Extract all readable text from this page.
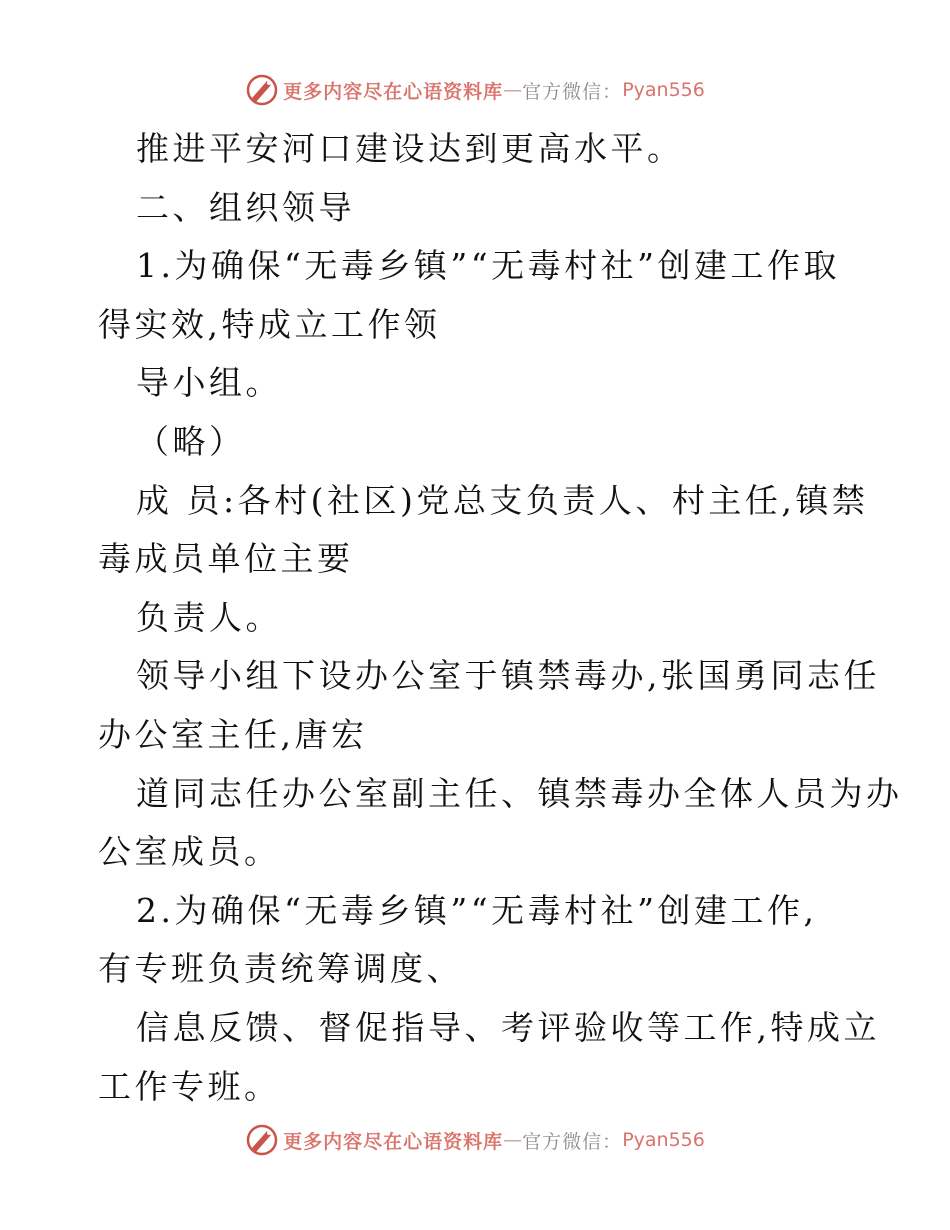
更多内容尽在心语资料库 — 官方微信： Pyan556
推进平安河口建设达到更高水平。
二、组织领导
1.为确保“无毒乡镇”“无毒村社”创建工作取
得实效,特成立工作领
导小组。
（略）
成 员:各村(社区)党总支负责人、村主任,镇禁
毒成员单位主要
负责人。
领导小组下设办公室于镇禁毒办,张国勇同志任
办公室主任,唐宏
道同志任办公室副主任、镇禁毒办全体人员为办
公室成员。
2.为确保“无毒乡镇”“无毒村社”创建工作,
有专班负责统筹调度、
信息反馈、督促指导、考评验收等工作,特成立
工作专班。
更多内容尽在心语资料库 — 官方微信： Pyan556
